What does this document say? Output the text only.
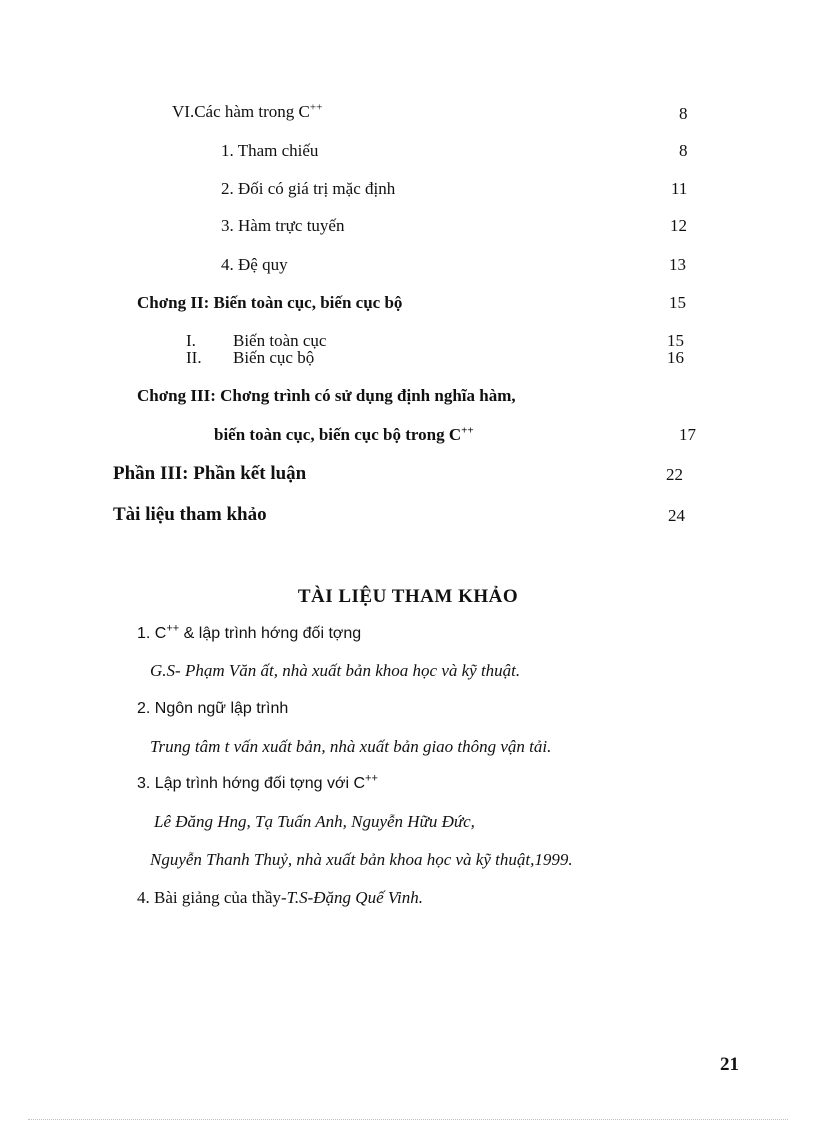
VI.Các hàm trong C++	8
1. Tham chiếu	8
2. Đối có giá trị mặc định	11
3. Hàm trực tuyến	12
4. Đệ quy	13
Chơng II: Biến toàn cục, biến cục bộ	15
I. Biến toàn cục	15
II. Biến cục bộ	16
Chơng III: Chơng trình có sử dụng định nghĩa hàm,
biến toàn cục, biến cục bộ trong C++	17
Phần III: Phần kết luận	22
Tài liệu tham khảo	24
TÀI LIỆU THAM KHẢO
1. C++ & lập trình hớng đối tợng
G.S- Phạm Văn ất, nhà xuất bản khoa học và kỹ thuật.
2. Ngôn ngữ lập trình
Trung tâm t vấn xuất bản, nhà xuất bản giao thông vận tải.
3. Lập trình hớng đối tợng với C++
Lê Đăng Hng, Tạ Tuấn Anh, Nguyễn Hữu Đức,
Nguyễn Thanh Thuỷ, nhà xuất bản khoa học và kỹ thuật,1999.
4. Bài giảng của thầy-T.S-Đặng Quế Vinh.
21
